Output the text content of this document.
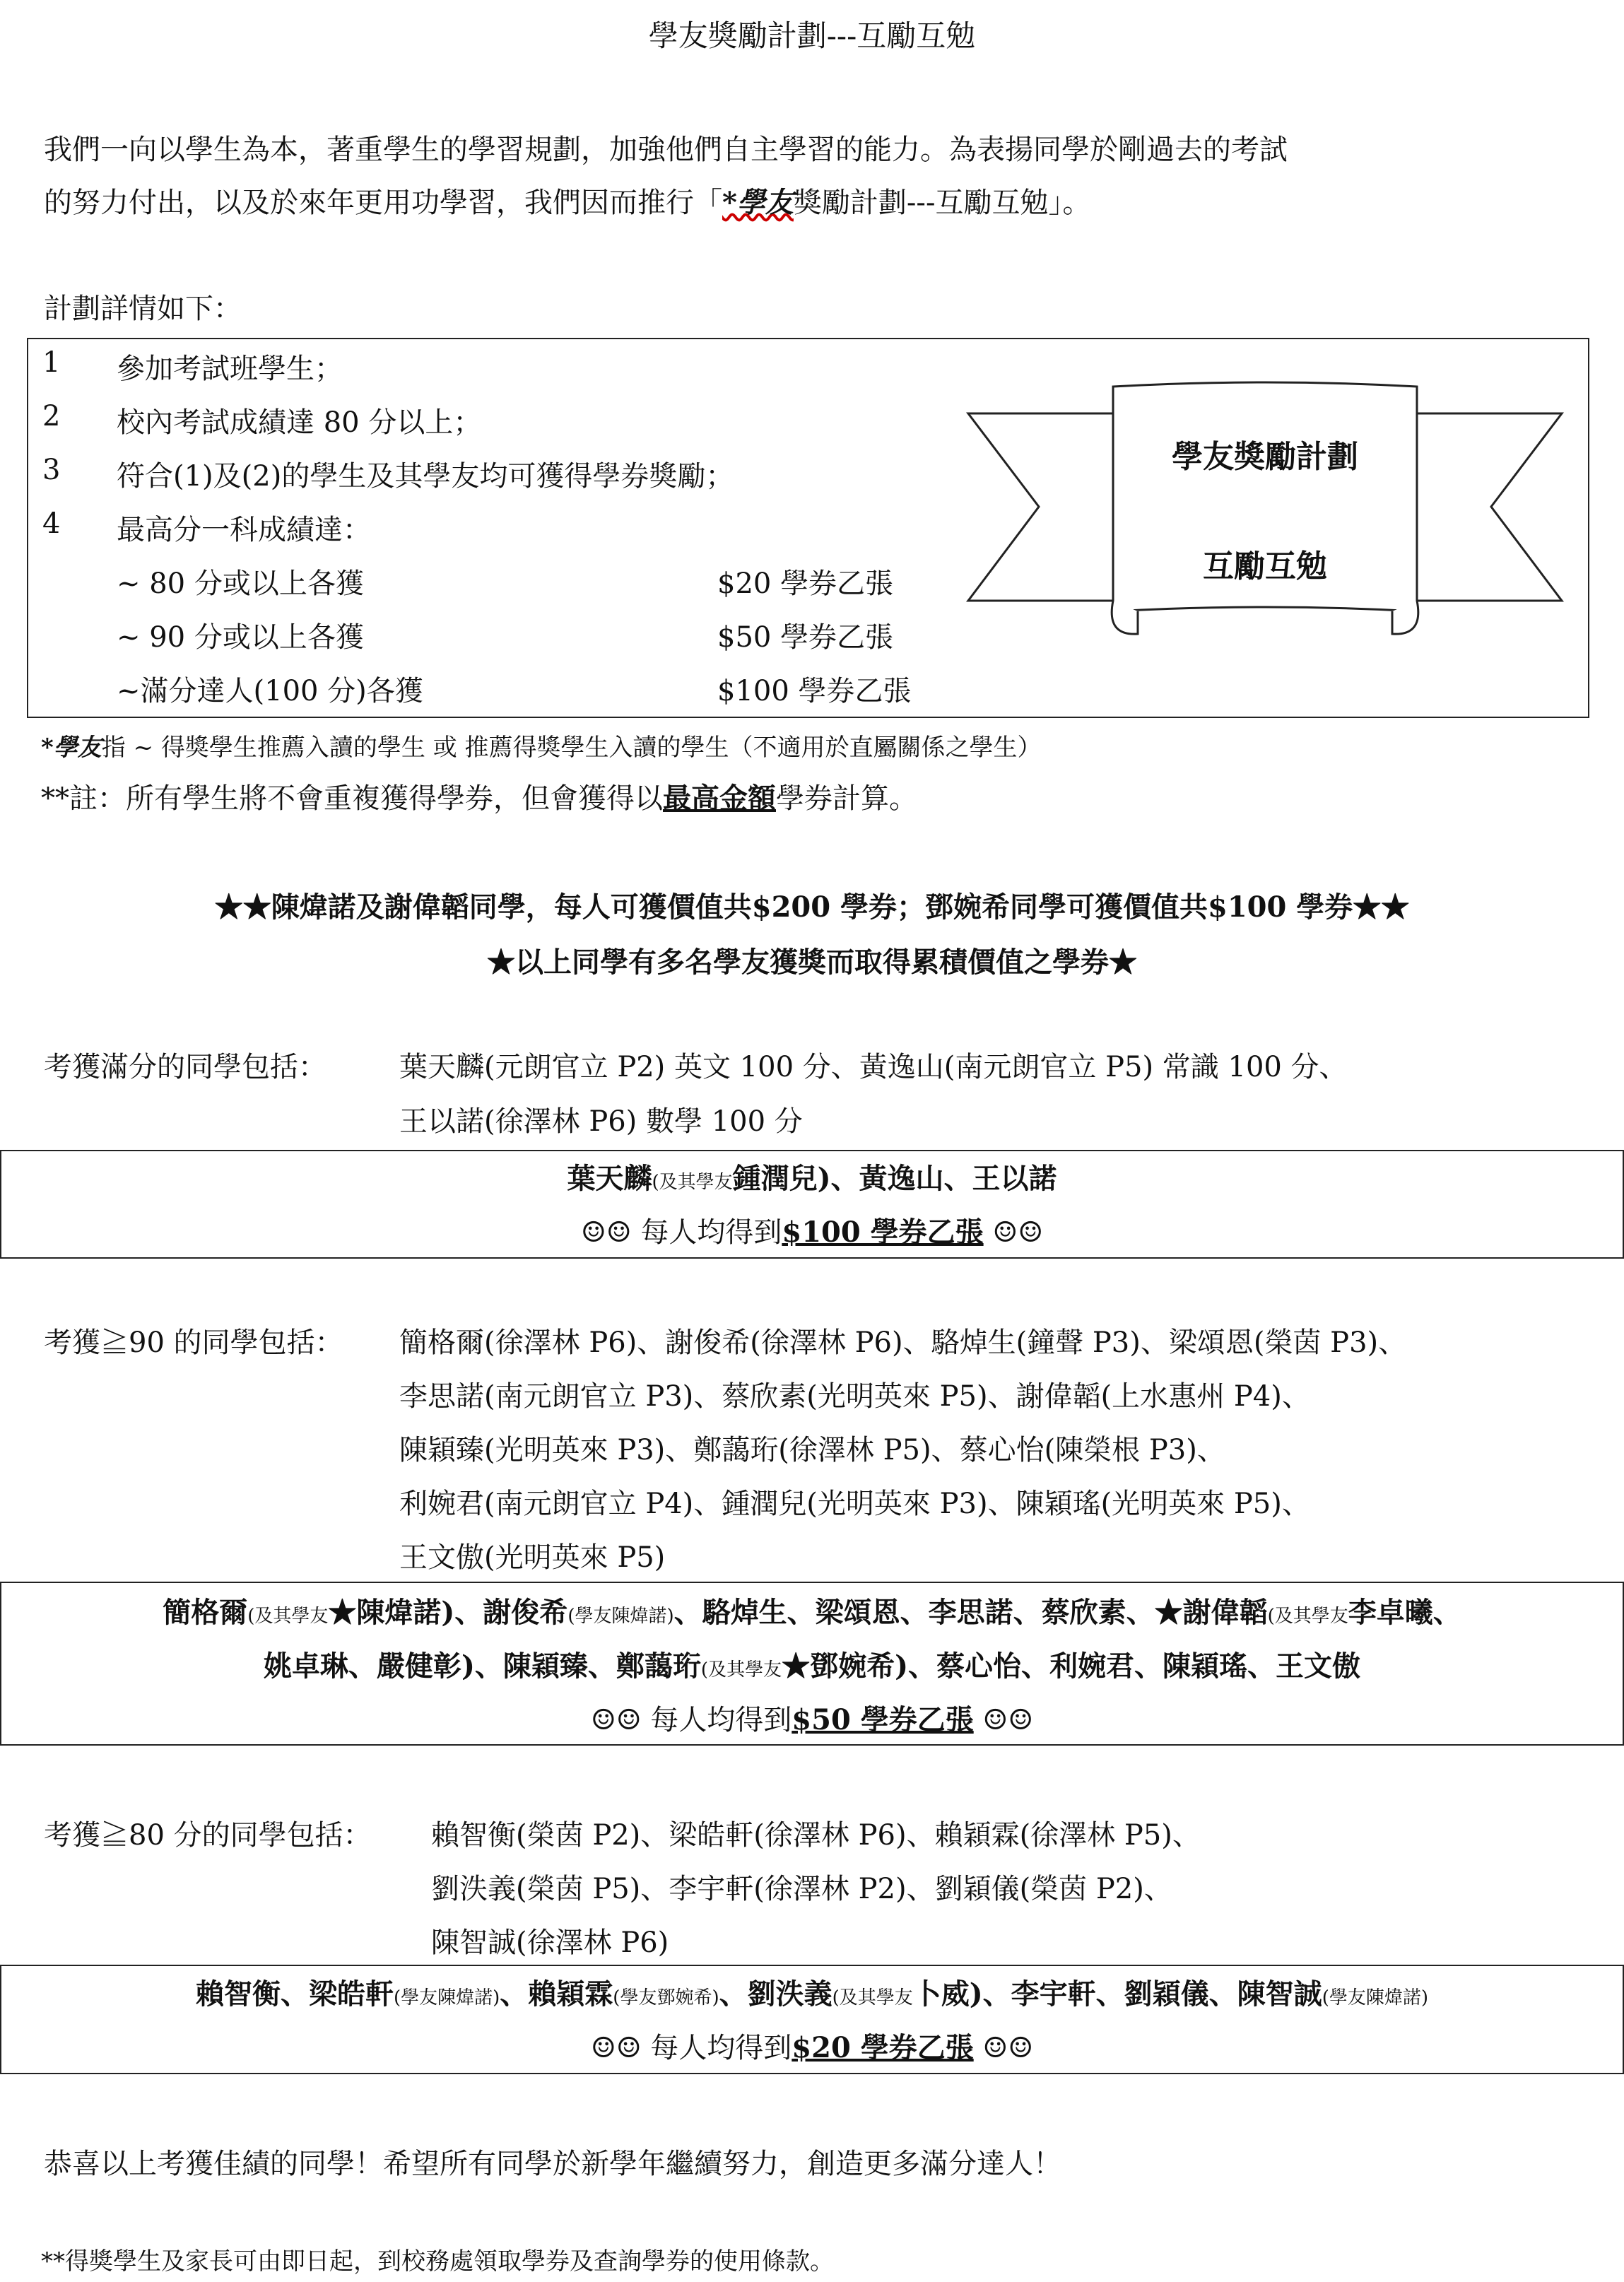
學友獎勵計劃---互勵互勉
我們一向以學生為本，著重學生的學習規劃，加強他們自主學習的能力。為表揚同學於剛過去的考試
的努力付出，以及於來年更用功學習，我們因而推行「*學友獎勵計劃---互勵互勉」。
計劃詳情如下：
1 參加考試班學生；
2 校內考試成績達 80 分以上；
3 符合(1)及(2)的學生及其學友均可獲得學券獎勵；
4 最高分一科成績達：
~ 80 分或以上各獲	$20 學券乙張
~ 90 分或以上各獲	$50 學券乙張
~滿分達人(100 分)各獲	$100 學券乙張
學友獎勵計劃
互勵互勉
*學友指 ~ 得獎學生推薦入讀的學生 或 推薦得獎學生入讀的學生（不適用於直屬關係之學生）
**註：所有學生將不會重複獲得學券，但會獲得以最高金額學券計算。
★★陳煒諾及謝偉韜同學，每人可獲價值共$200 學券；鄧婉希同學可獲價值共$100 學券★★
★以上同學有多名學友獲獎而取得累積價值之學券★
考獲滿分的同學包括：	葉天麟(元朗官立 P2) 英文 100 分、黃逸山(南元朗官立 P5) 常識 100 分、
王以諾(徐澤林 P6) 數學 100 分
葉天麟(及其學友鍾潤兒)、黃逸山、王以諾
☺☺ 每人均得到$100 學券乙張 ☺☺
考獲≧90 的同學包括： 簡格爾(徐澤林 P6)、謝俊希(徐澤林 P6)、駱焯生(鐘聲 P3)、梁頌恩(榮茵 P3)、
李思諾(南元朗官立 P3)、蔡欣素(光明英來 P5)、謝偉韜(上水惠州 P4)、
陳穎臻(光明英來 P3)、鄭藹珩(徐澤林 P5)、蔡心怡(陳榮根 P3)、
利婉君(南元朗官立 P4)、鍾潤兒(光明英來 P3)、陳穎瑤(光明英來 P5)、
王文傲(光明英來 P5)
簡格爾(及其學友★陳煒諾)、謝俊希(學友陳煒諾)、駱焯生、梁頌恩、李思諾、蔡欣素、★謝偉韜(及其學友李卓曦、
姚卓琳、嚴健彰)、陳穎臻、鄭藹珩(及其學友★鄧婉希)、蔡心怡、利婉君、陳穎瑤、王文傲
☺☺ 每人均得到$50 學券乙張 ☺☺
考獲≧80 分的同學包括： 賴智衡(榮茵 P2)、梁皓軒(徐澤林 P6)、賴穎霖(徐澤林 P5)、
劉泆義(榮茵 P5)、李宇軒(徐澤林 P2)、劉穎儀(榮茵 P2)、
陳智誠(徐澤林 P6)
賴智衡、梁皓軒(學友陳煒諾)、賴穎霖(學友鄧婉希)、劉泆義(及其學友卜威)、李宇軒、劉穎儀、陳智誠(學友陳煒諾)
☺☺ 每人均得到$20 學券乙張 ☺☺
恭喜以上考獲佳績的同學！希望所有同學於新學年繼續努力，創造更多滿分達人！
**得獎學生及家長可由即日起，到校務處領取學券及查詢學券的使用條款。
